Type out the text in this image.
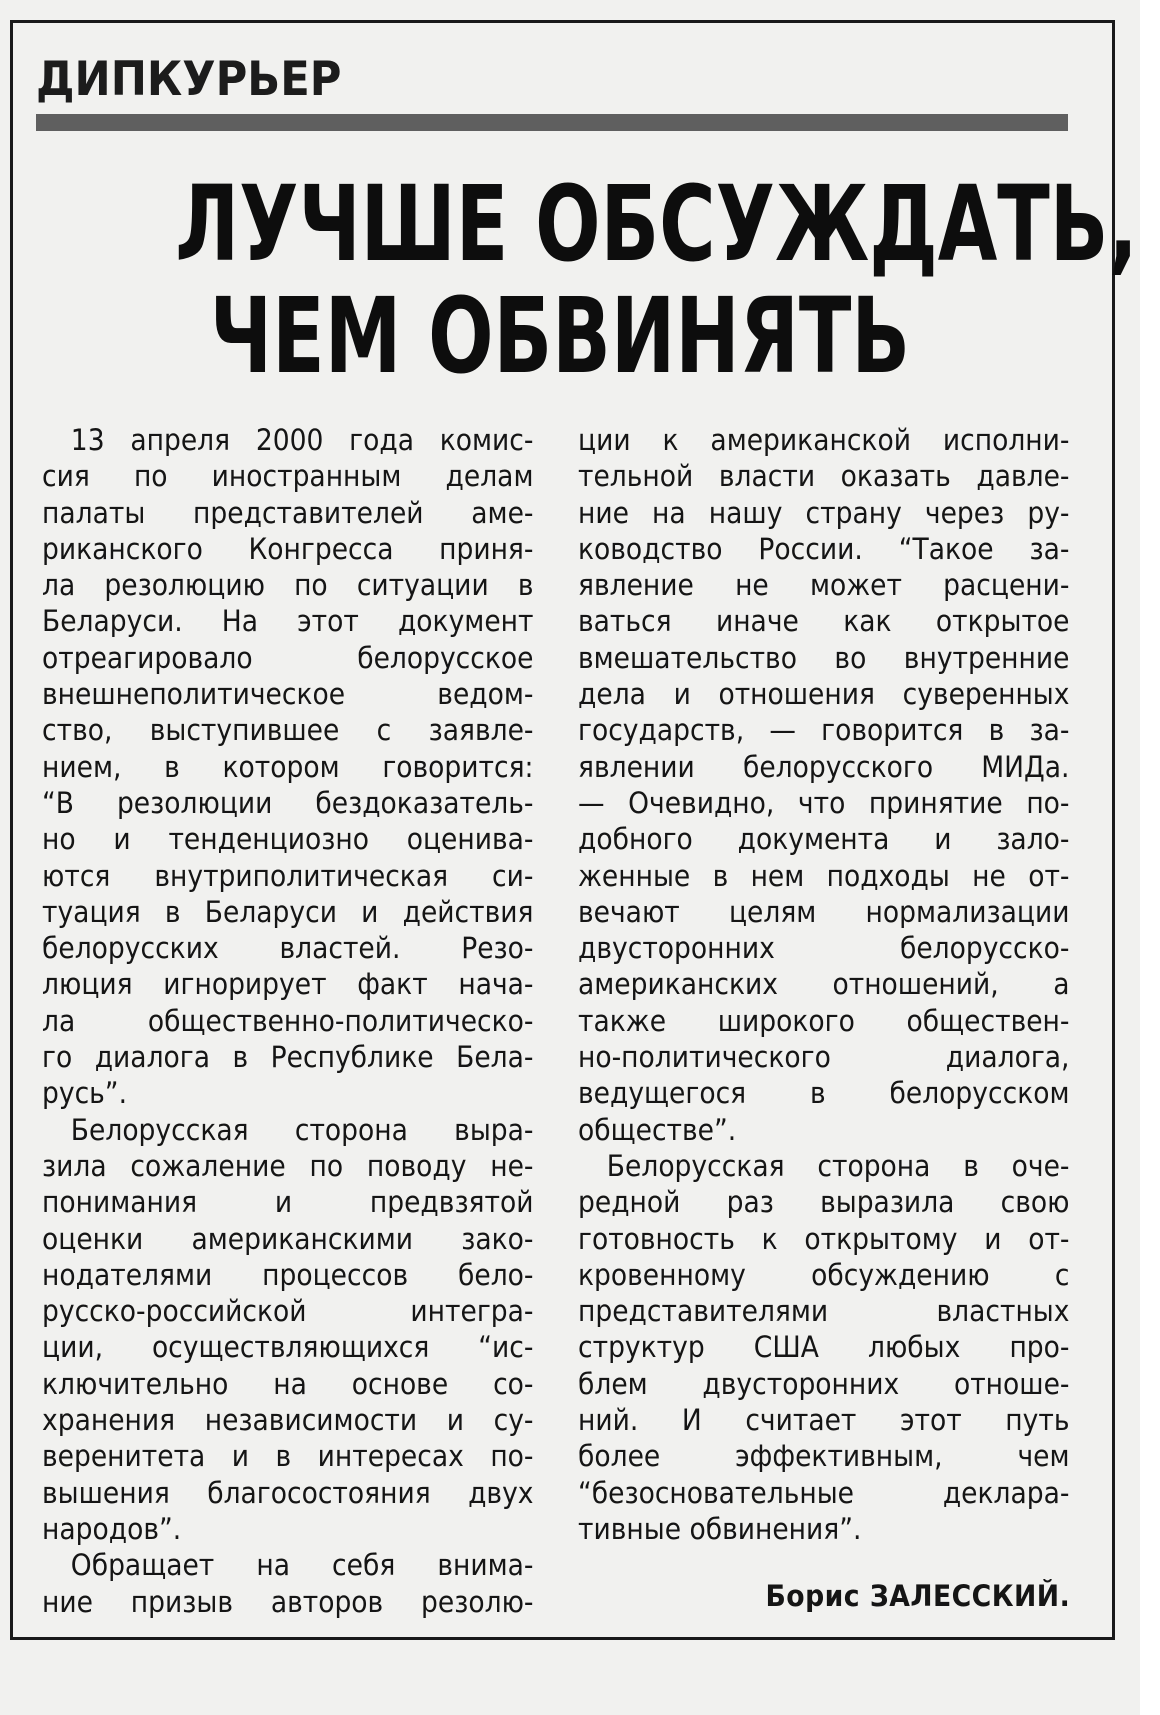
ДИПКУРЬЕР
ЛУЧШЕ ОБСУЖДАТЬ,
ЧЕМ ОБВИНЯТЬ
13 апреля 2000 года комис-
сия по иностранным делам
палаты представителей аме-
риканского Конгресса приня-
ла резолюцию по ситуации в
Беларуси. На этот документ
отреагировало белорусское
внешнеполитическое ведом-
ство, выступившее с заявле-
нием, в котором говорится:
“В резолюции бездоказатель-
но и тенденциозно оценива-
ются внутриполитическая си-
туация в Беларуси и действия
белорусских властей. Резо-
люция игнорирует факт нача-
ла общественно-политическо-
го диалога в Республике Бела-
русь”.
Белорусская сторона выра-
зила сожаление по поводу не-
понимания и предвзятой
оценки американскими зако-
нодателями процессов бело-
русско-российской интегра-
ции, осуществляющихся “ис-
ключительно на основе со-
хранения независимости и су-
веренитета и в интересах по-
вышения благосостояния двух
народов”.
Обращает на себя внима-
ние призыв авторов резолю-
ции к американской исполни-
тельной власти оказать давле-
ние на нашу страну через ру-
ководство России. “Такое за-
явление не может расцени-
ваться иначе как открытое
вмешательство во внутренние
дела и отношения суверенных
государств, — говорится в за-
явлении белорусского МИДа.
— Очевидно, что принятие по-
добного документа и зало-
женные в нем подходы не от-
вечают целям нормализации
двусторонних белорусско-
американских отношений, а
также широкого обществен-
но-политического диалога,
ведущегося в белорусском
обществе”.
Белорусская сторона в оче-
редной раз выразила свою
готовность к открытому и от-
кровенному обсуждению с
представителями властных
структур США любых про-
блем двусторонних отноше-
ний. И считает этот путь
более эффективным, чем
“безосновательные деклара-
тивные обвинения”.
Борис ЗАЛЕССКИЙ.
